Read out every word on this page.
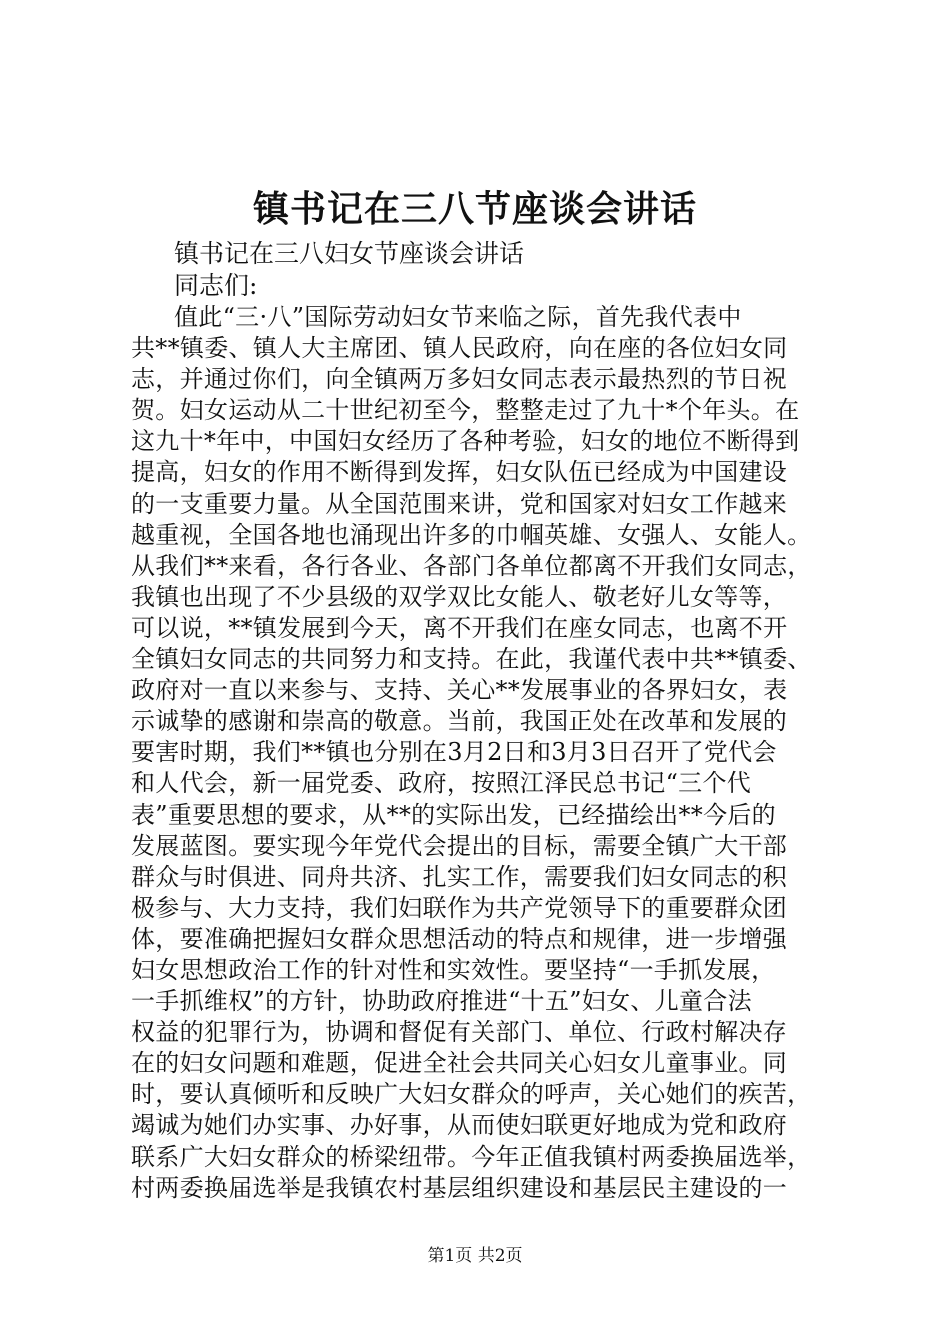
镇书记在三八节座谈会讲话
镇书记在三八妇女节座谈会讲话
同志们:
值此“三·八”国际劳动妇女节来临之际，首先我代表中
共**镇委、镇人大主席团、镇人民政府，向在座的各位妇女同
志，并通过你们，向全镇两万多妇女同志表示最热烈的节日祝
贺。妇女运动从二十世纪初至今，整整走过了九十*个年头。在
这九十*年中，中国妇女经历了各种考验，妇女的地位不断得到
提高，妇女的作用不断得到发挥，妇女队伍已经成为中国建设
的一支重要力量。从全国范围来讲，党和国家对妇女工作越来
越重视，全国各地也涌现出许多的巾帼英雄、女强人、女能人。
从我们**来看，各行各业、各部门各单位都离不开我们女同志，
我镇也出现了不少县级的双学双比女能人、敬老好儿女等等，
可以说，**镇发展到今天，离不开我们在座女同志，也离不开
全镇妇女同志的共同努力和支持。在此，我谨代表中共**镇委、
政府对一直以来参与、支持、关心**发展事业的各界妇女，表
示诚挚的感谢和崇高的敬意。当前，我国正处在改革和发展的
要害时期，我们**镇也分别在3月2日和3月3日召开了党代会
和人代会，新一届党委、政府，按照江泽民总书记“三个代
表”重要思想的要求，从**的实际出发，已经描绘出**今后的
发展蓝图。要实现今年党代会提出的目标，需要全镇广大干部
群众与时俱进、同舟共济、扎实工作，需要我们妇女同志的积
极参与、大力支持，我们妇联作为共产党领导下的重要群众团
体，要准确把握妇女群众思想活动的特点和规律，进一步增强
妇女思想政治工作的针对性和实效性。要坚持“一手抓发展，
一手抓维权”的方针，协助政府推进“十五”妇女、儿童合法
权益的犯罪行为，协调和督促有关部门、单位、行政村解决存
在的妇女问题和难题，促进全社会共同关心妇女儿童事业。同
时，要认真倾听和反映广大妇女群众的呼声，关心她们的疾苦，
竭诚为她们办实事、办好事，从而使妇联更好地成为党和政府
联系广大妇女群众的桥梁纽带。今年正值我镇村两委换届选举，
村两委换届选举是我镇农村基层组织建设和基层民主建设的一
第1页 共2页
